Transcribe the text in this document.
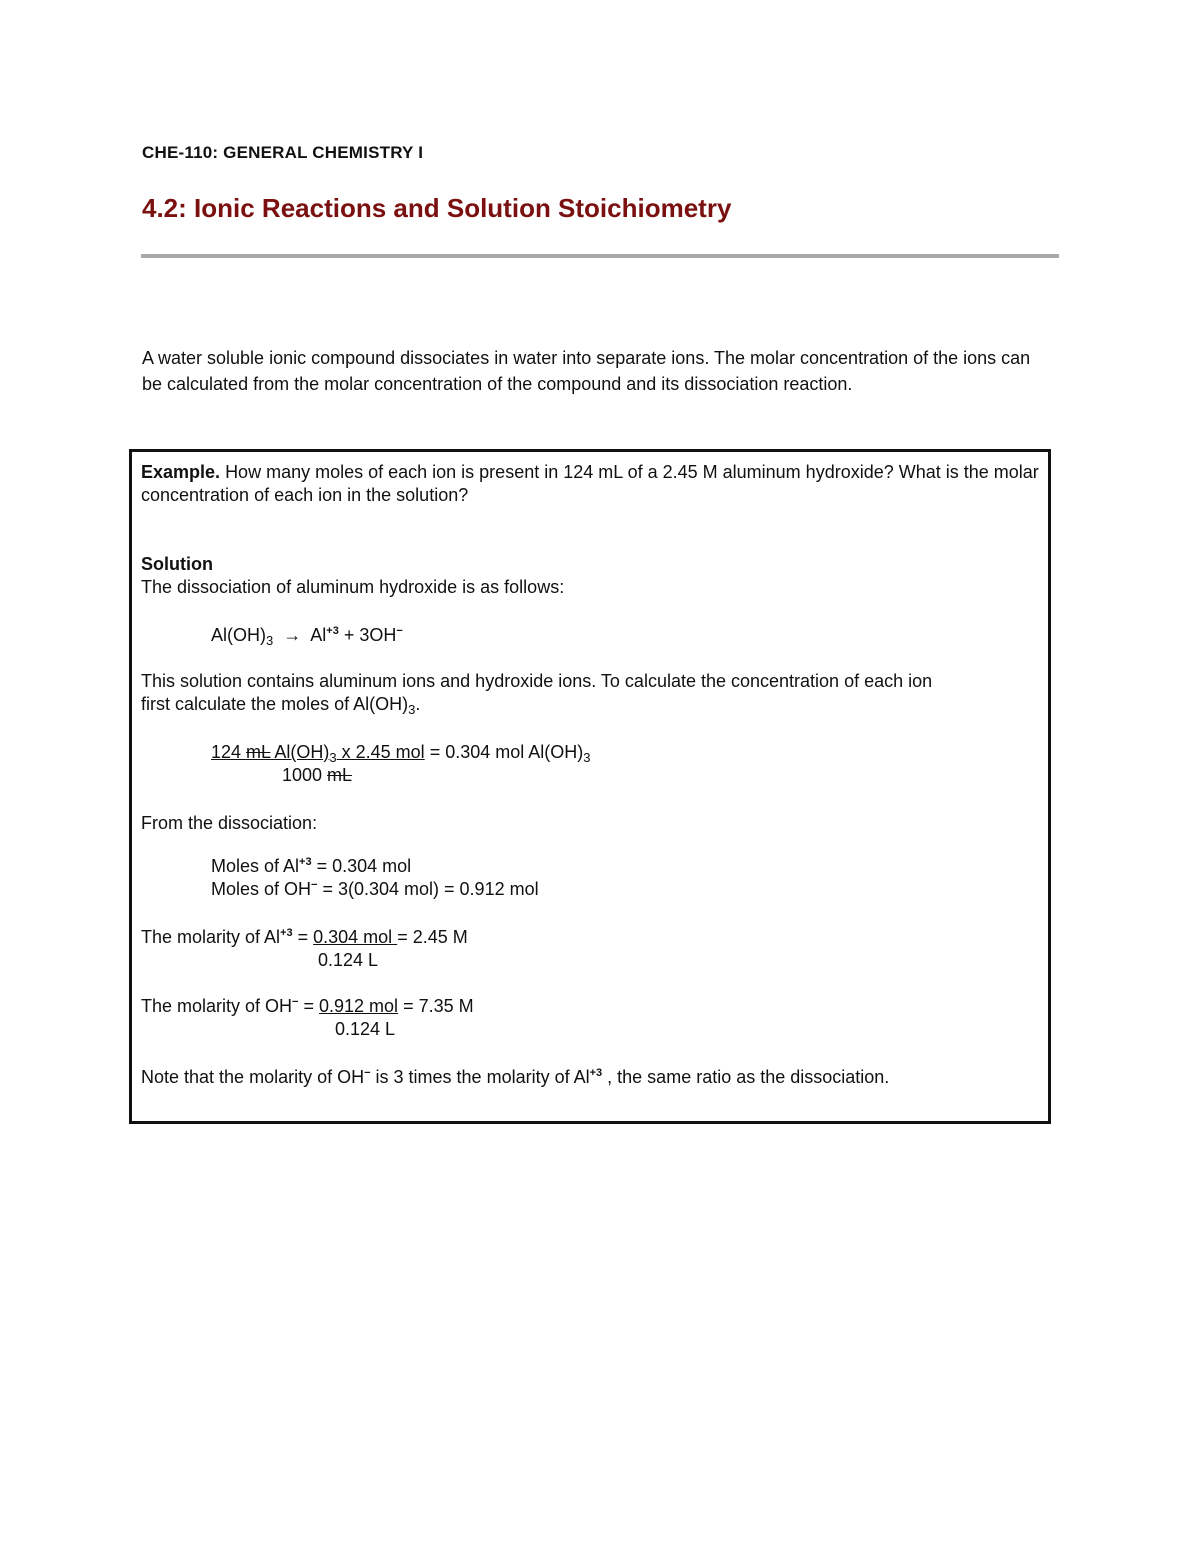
CHE-110: GENERAL CHEMISTRY I
4.2: Ionic Reactions and Solution Stoichiometry
A water soluble ionic compound dissociates in water into separate ions. The molar concentration of the ions can be calculated from the molar concentration of the compound and its dissociation reaction.
Example. How many moles of each ion is present in 124 mL of a 2.45 M aluminum hydroxide? What is the molar concentration of each ion in the solution?
Solution
The dissociation of aluminum hydroxide is as follows:
$Al(OH)_3 \to Al^{+3} + 3OH^-$
This solution contains aluminum ions and hydroxide ions. To calculate the concentration of each ion
first calculate the moles of $Al(OH)_3$.
124 mL $Al(OH)_3$ x 2.45 mol = 0.304 mol $Al(OH)_3$
1000 mL
From the dissociation:
Moles of $Al^{+3} = 0.304$ mol
Moles of OH− = 3(0.304 mol) = 0.912 mol
The molarity of $Al^{+3} = 0.304$ mol = 2.45 M
0.124 L
The molarity of OH− = 0.912 mol = 7.35 M
0.124 L
Note that the molarity of OH− is 3 times the molarity of $Al^{+3}$ , the same ratio as the dissociation.
